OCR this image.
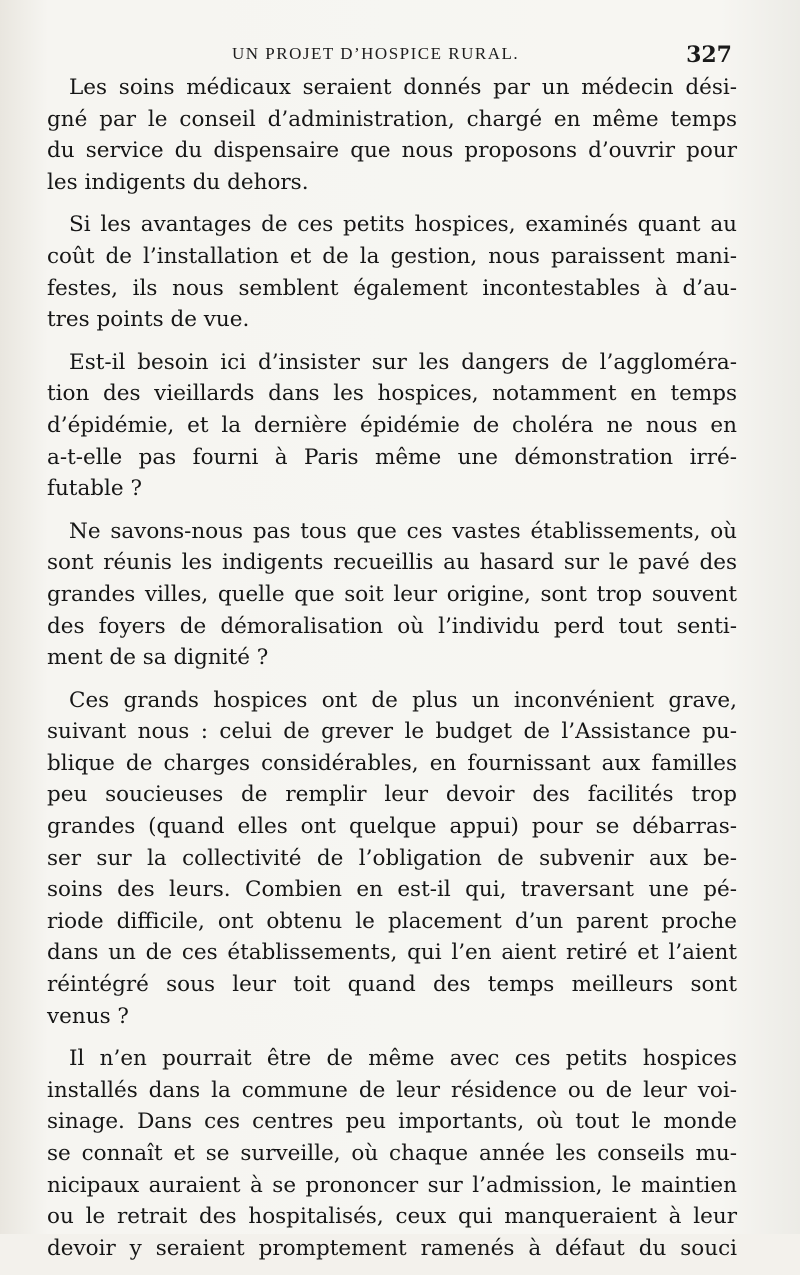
UN PROJET D’HOSPICE RURAL.	327
Les soins médicaux seraient donnés par un médecin dési-
gné par le conseil d’administration, chargé en même temps
du service du dispensaire que nous proposons d’ouvrir pour
les indigents du dehors.
Si les avantages de ces petits hospices, examinés quant au
coût de l’installation et de la gestion, nous paraissent mani-
festes, ils nous semblent également incontestables à d’au-
tres points de vue.
Est-il besoin ici d’insister sur les dangers de l’aggloméra-
tion des vieillards dans les hospices, notamment en temps
d’épidémie, et la dernière épidémie de choléra ne nous en
a-t-elle pas fourni à Paris même une démonstration irré-
futable ?
Ne savons-nous pas tous que ces vastes établissements, où
sont réunis les indigents recueillis au hasard sur le pavé des
grandes villes, quelle que soit leur origine, sont trop souvent
des foyers de démoralisation où l’individu perd tout senti-
ment de sa dignité ?
Ces grands hospices ont de plus un inconvénient grave,
suivant nous : celui de grever le budget de l’Assistance pu-
blique de charges considérables, en fournissant aux familles
peu soucieuses de remplir leur devoir des facilités trop
grandes (quand elles ont quelque appui) pour se débarras-
ser sur la collectivité de l’obligation de subvenir aux be-
soins des leurs. Combien en est-il qui, traversant une pé-
riode difficile, ont obtenu le placement d’un parent proche
dans un de ces établissements, qui l’en aient retiré et l’aient
réintégré sous leur toit quand des temps meilleurs sont
venus ?
Il n’en pourrait être de même avec ces petits hospices
installés dans la commune de leur résidence ou de leur voi-
sinage. Dans ces centres peu importants, où tout le monde
se connaît et se surveille, où chaque année les conseils mu-
nicipaux auraient à se prononcer sur l’admission, le maintien
ou le retrait des hospitalisés, ceux qui manqueraient à leur
devoir y seraient promptement ramenés à défaut du souci
